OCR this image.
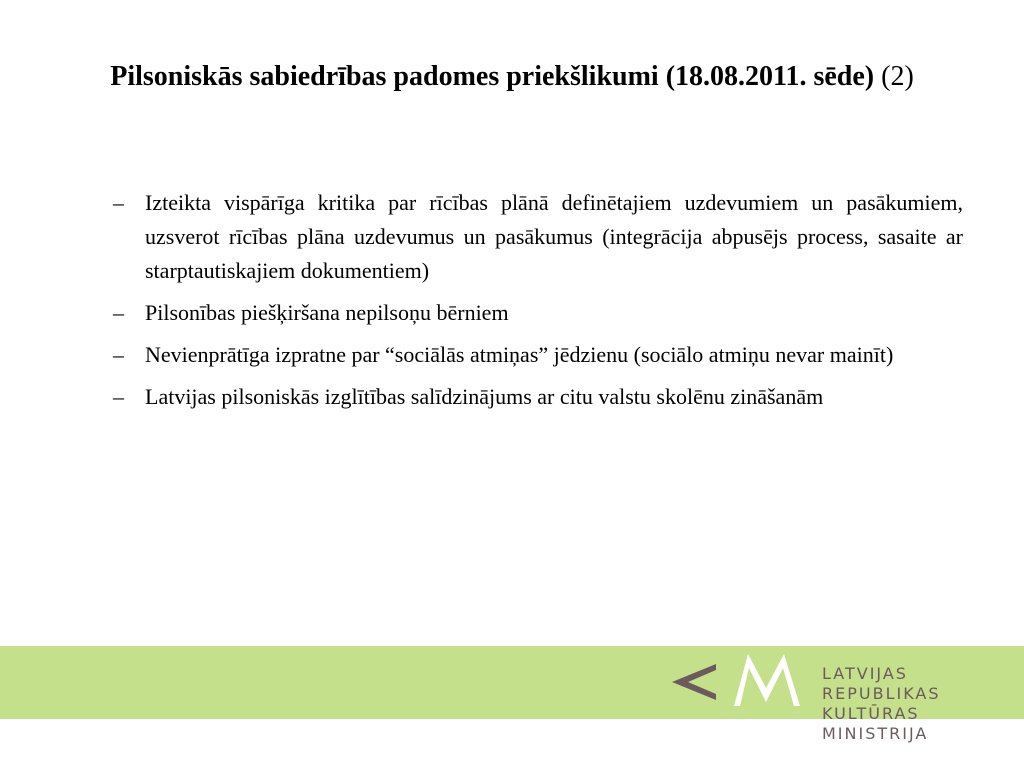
Pilsoniskās sabiedrības padomes priekšlikumi (18.08.2011. sēde) (2)
– Izteikta vispārīga kritika par rīcības plānā definētajiem uzdevumiem un pasākumiem, uzsverot rīcības plāna uzdevumus un pasākumus (integrācija abpusējs process, sasaite ar starptautiskajiem dokumentiem)
– Pilsonības piešķiršana nepilsoņu bērniem
– Nevienprātīga izpratne par “sociālās atmiņas” jēdzienu (sociālo atmiņu nevar mainīt)
– Latvijas pilsoniskās izglītības salīdzinājums ar citu valstu skolēnu zināšanām
LATVIJAS REPUBLIKAS
KULTŪRAS MINISTRIJA
